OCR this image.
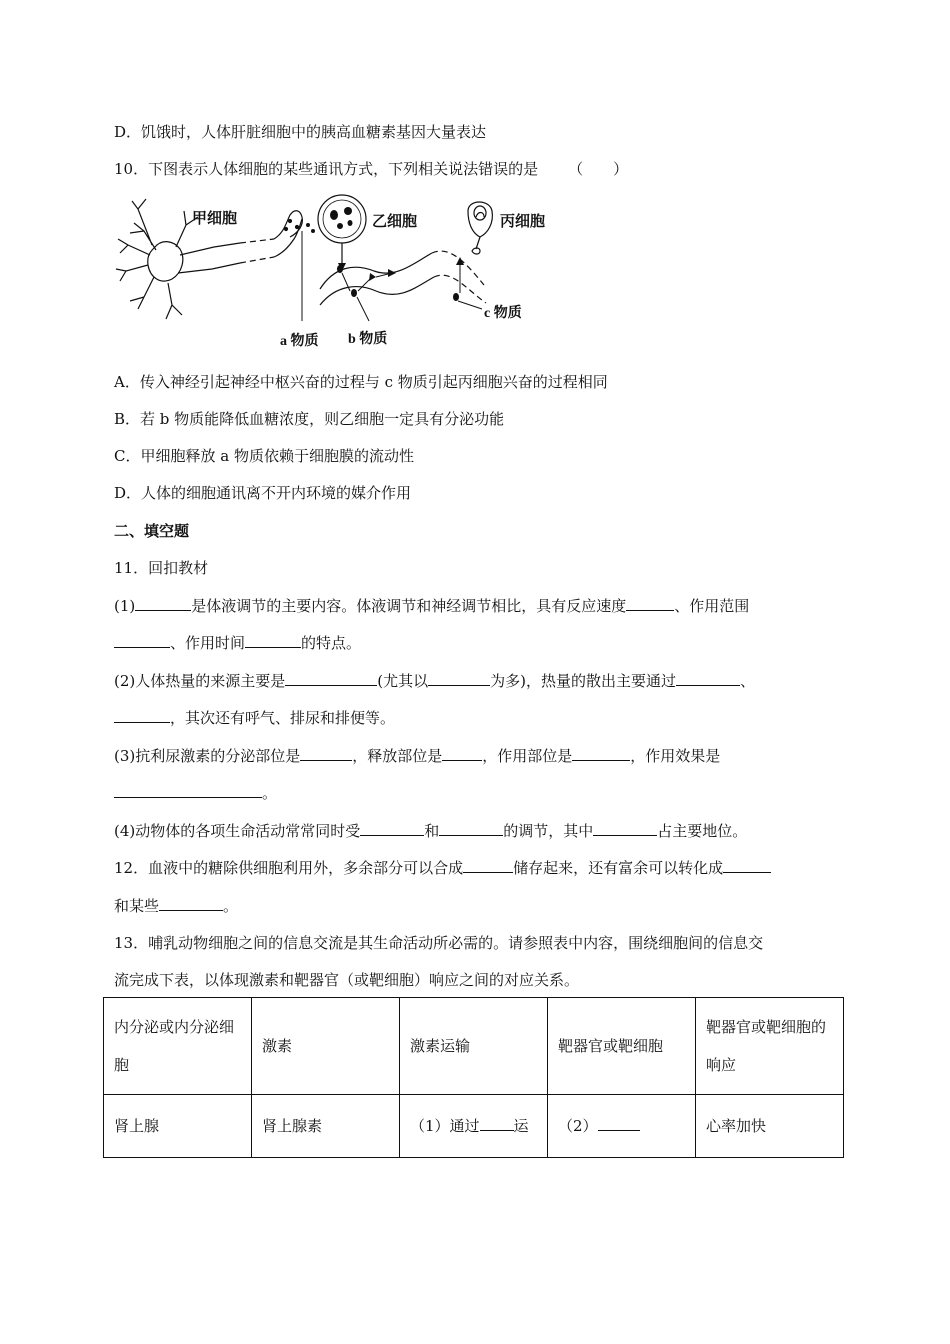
D．饥饿时，人体肝脏细胞中的胰高血糖素基因大量表达
10．下图表示人体细胞的某些通讯方式，下列相关说法错误的是 （　　）
甲细胞	乙细胞	丙细胞
a 物质 b 物质
c 物质
A．传入神经引起神经中枢兴奋的过程与 c 物质引起丙细胞兴奋的过程相同
B．若 b 物质能降低血糖浓度，则乙细胞一定具有分泌功能
C．甲细胞释放 a 物质依赖于细胞膜的流动性
D．人体的细胞通讯离不开内环境的媒介作用
二、填空题
11．回扣教材
(1)	是体液调节的主要内容。体液调节和神经调节相比，具有反应速度	、作用范围
、作用时间	的特点。
(2)人体热量的来源主要是	(尤其以	为多)，热量的散出主要通过	、
，其次还有呼气、排尿和排便等。
(3)抗利尿激素的分泌部位是	，释放部位是	，作用部位是	，作用效果是
。
(4)动物体的各项生命活动常常同时受	和	的调节，其中	占主要地位。
12．血液中的糖除供细胞利用外，多余部分可以合成	储存起来，还有富余可以转化成
和某些	。
13．哺乳动物细胞之间的信息交流是其生命活动所必需的。请参照表中内容，围绕细胞间的信息交
流完成下表，以体现激素和靶器官（或靶细胞）响应之间的对应关系。
内分泌或内分泌细胞	激素	激素运输	靶器官或靶细胞	靶器官或靶细胞的响应
肾上腺	肾上腺素	（1）通过 运	（2）	心率加快
